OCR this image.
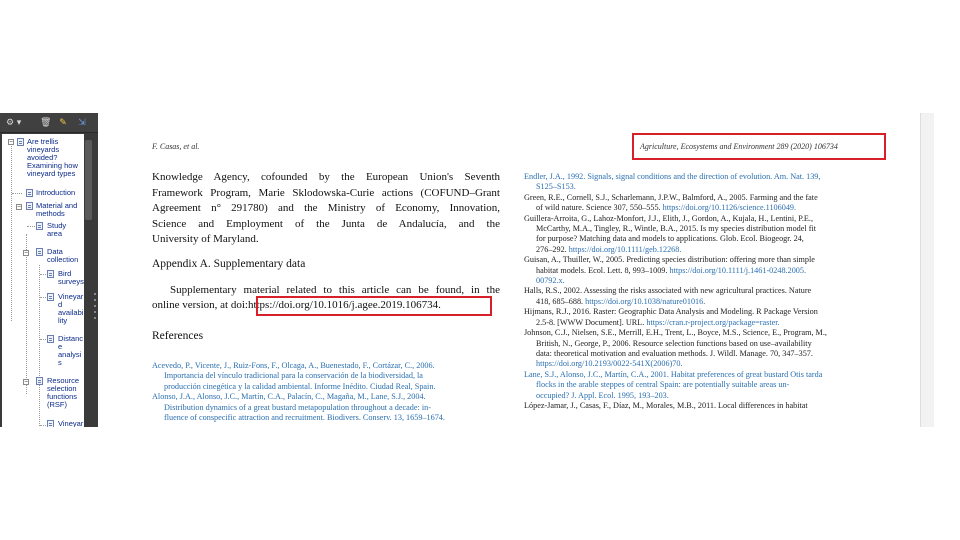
⚙ ▾ 🗑 ✎ ⇲
− Are trellis
vineyards
avoided?
Examining how
vineyard types
Introduction
− Material and
methods
Study
area
−	Data
collection
Bird
surveys
Vineyar
d
availabi
lity
Distanc
e
analysi
s
−	Resource
selection
functions
(RSF)
Vineyar
F. Casas, et al.	Agriculture, Ecosystems and Environment 289 (2020) 106734
Knowledge Agency, cofounded by the European Union's Seventh
Framework Program, Marie Sklodowska-Curie actions (COFUND–Grant
Agreement n° 291780) and the Ministry of Economy, Innovation,
Science and Employment of the Junta de Andalucía, and the
University of Maryland.
Appendix A. Supplementary data
Supplementary material related to this article can be found, in the
online version, at doi:https://doi.org/10.1016/j.agee.2019.106734.
References
Acevedo, P., Vicente, J., Ruiz-Fons, F., Olcaga, A., Buenestado, F., Cortázar, C., 2006.
Importancia del vínculo tradicional para la conservación de la biodiversidad, la
producción cinegética y la calidad ambiental. Informe Inédito. Ciudad Real, Spain.
Alonso, J.A., Alonso, J.C., Martín, C.A., Palacín, C., Magaña, M., Lane, S.J., 2004.
Distribution dynamics of a great bustard metapopulation throughout a decade: in-
fluence of conspecific attraction and recruitment. Biodivers. Conserv. 13, 1659–1674.
Endler, J.A., 1992. Signals, signal conditions and the direction of evolution. Am. Nat. 139,
S125–S153.
Green, R.E., Cornell, S.J., Scharlemann, J.P.W., Balmford, A., 2005. Farming and the fate
of wild nature. Science 307, 550–555. https://doi.org/10.1126/science.1106049.
Guillera-Arroita, G., Lahoz-Monfort, J.J., Elith, J., Gordon, A., Kujala, H., Lentini, P.E.,
McCarthy, M.A., Tingley, R., Wintle, B.A., 2015. Is my species distribution model fit
for purpose? Matching data and models to applications. Glob. Ecol. Biogeogr. 24,
276–292. https://doi.org/10.1111/geb.12268.
Guisan, A., Thuiller, W., 2005. Predicting species distribution: offering more than simple
habitat models. Ecol. Lett. 8, 993–1009. https://doi.org/10.1111/j.1461-0248.2005.
00792.x.
Halls, R.S., 2002. Assessing the risks associated with new agricultural practices. Nature
418, 685–688. https://doi.org/10.1038/nature01016.
Hijmans, R.J., 2016. Raster: Geographic Data Analysis and Modeling. R Package Version
2.5-8. [WWW Document]. URL. https://cran.r-project.org/package=raster.
Johnson, C.J., Nielsen, S.E., Merrill, E.H., Trent, L., Boyce, M.S., Science, E., Program, M.,
British, N., George, P., 2006. Resource selection functions based on use–availability
data: theoretical motivation and evaluation methods. J. Wildl. Manage. 70, 347–357.
https://doi.org/10.2193/0022-541X(2006)70.
Lane, S.J., Alonso, J.C., Martín, C.A., 2001. Habitat preferences of great bustard Otis tarda
flocks in the arable steppes of central Spain: are potentially suitable areas un-
occupied? J. Appl. Ecol. 1995, 193–203.
López-Jamar, J., Casas, F., Díaz, M., Morales, M.B., 2011. Local differences in habitat
